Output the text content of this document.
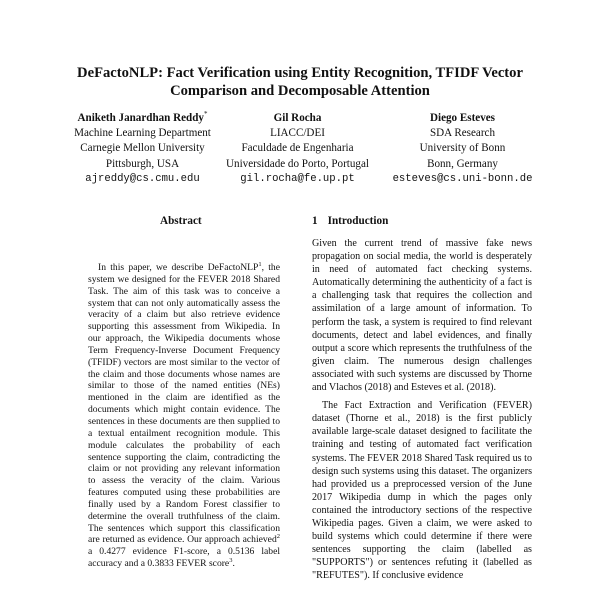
DeFactoNLP: Fact Verification using Entity Recognition, TFIDF Vector Comparison and Decomposable Attention
Aniketh Janardhan Reddy*
Machine Learning Department
Carnegie Mellon University
Pittsburgh, USA
ajreddy@cs.cmu.edu
Gil Rocha
LIACC/DEI
Faculdade de Engenharia
Universidade do Porto, Portugal
gil.rocha@fe.up.pt
Diego Esteves
SDA Research
University of Bonn
Bonn, Germany
esteves@cs.uni-bonn.de
Abstract

In this paper, we describe DeFactoNLP$^1$, the system we designed for the FEVER 2018 Shared Task. The aim of this task was to conceive a system that can not only automatically assess the veracity of a claim but also retrieve evidence supporting this assessment from Wikipedia. In our approach, the Wikipedia documents whose Term Frequency-Inverse Document Frequency (TFIDF) vectors are most similar to the vector of the claim and those documents whose names are similar to those of the named entities (NEs) mentioned in the claim are identified as the documents which might contain evidence. The sentences in these documents are then supplied to a textual entailment recognition module. This module calculates the probability of each sentence supporting the claim, contradicting the claim or not providing any relevant information to assess the veracity of the claim. Various features computed using these probabilities are finally used by a Random Forest classifier to determine the overall truthfulness of the claim. The sentences which support this classification are returned as evidence. Our approach achieved$^2$ a 0.4277 evidence F1-score, a 0.5136 label accuracy and a 0.3833 FEVER score$^3$.

1 Introduction

Given the current trend of massive fake news propagation on social media, the world is desperately in need of automated fact checking systems. Automatically determining the authenticity of a fact is a challenging task that requires the collection and assimilation of a large amount of information. To perform the task, a system is required to find relevant documents, detect and label evidences, and finally output a score which represents the truthfulness of the given claim. The numerous design challenges associated with such systems are discussed by Thorne and Vlachos (2018) and Esteves et al. (2018).

The Fact Extraction and Verification (FEVER) dataset (Thorne et al., 2018) is the first publicly available large-scale dataset designed to facilitate the training and testing of automated fact verification systems. The FEVER 2018 Shared Task required us to design such systems using this dataset. The organizers had provided us a preprocessed version of the June 2017 Wikipedia dump in which the pages only contained the introductory sections of the respective Wikipedia pages. Given a claim, we were asked to build systems which could determine if there were sentences supporting the claim (labelled as "SUPPORTS") or sentences refuting it (labelled as "REFUTES"). If conclusive evidence
